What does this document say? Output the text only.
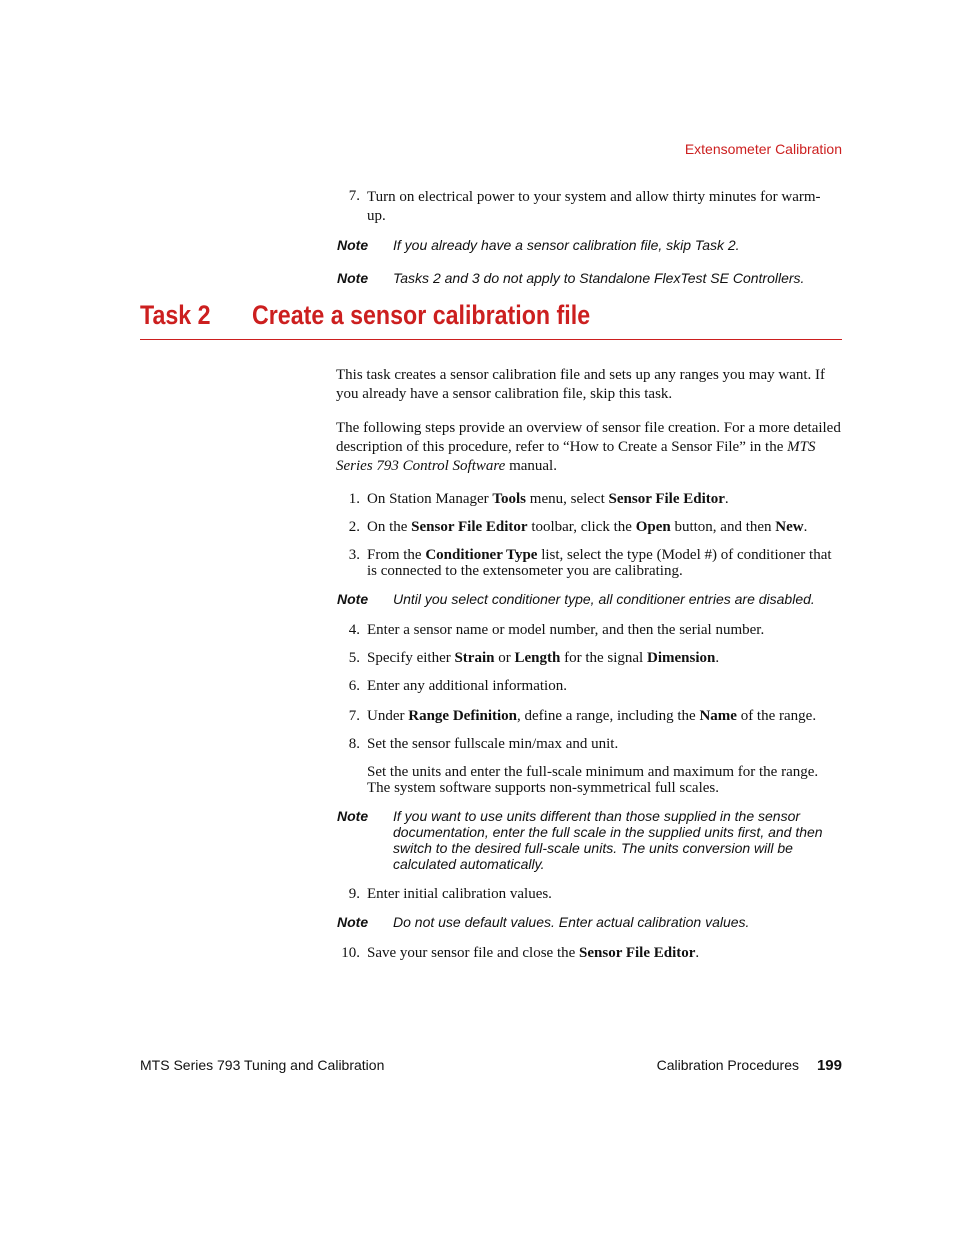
Extensometer Calibration
7. Turn on electrical power to your system and allow thirty minutes for warm-up.
Note If you already have a sensor calibration file, skip Task 2.
Note Tasks 2 and 3 do not apply to Standalone FlexTest SE Controllers.
Task 2 Create a sensor calibration file
This task creates a sensor calibration file and sets up any ranges you may want. If you already have a sensor calibration file, skip this task.
The following steps provide an overview of sensor file creation. For a more detailed description of this procedure, refer to “How to Create a Sensor File” in the MTS Series 793 Control Software manual.
1. On Station Manager Tools menu, select Sensor File Editor.
2. On the Sensor File Editor toolbar, click the Open button, and then New.
3. From the Conditioner Type list, select the type (Model #) of conditioner that is connected to the extensometer you are calibrating.
Note Until you select conditioner type, all conditioner entries are disabled.
4. Enter a sensor name or model number, and then the serial number.
5. Specify either Strain or Length for the signal Dimension.
6. Enter any additional information.
7. Under Range Definition, define a range, including the Name of the range.
8. Set the sensor fullscale min/max and unit.
Set the units and enter the full-scale minimum and maximum for the range. The system software supports non-symmetrical full scales.
Note If you want to use units different than those supplied in the sensor documentation, enter the full scale in the supplied units first, and then switch to the desired full-scale units. The units conversion will be calculated automatically.
9. Enter initial calibration values.
Note Do not use default values. Enter actual calibration values.
10. Save your sensor file and close the Sensor File Editor.
MTS Series 793 Tuning and Calibration	Calibration Procedures 199
